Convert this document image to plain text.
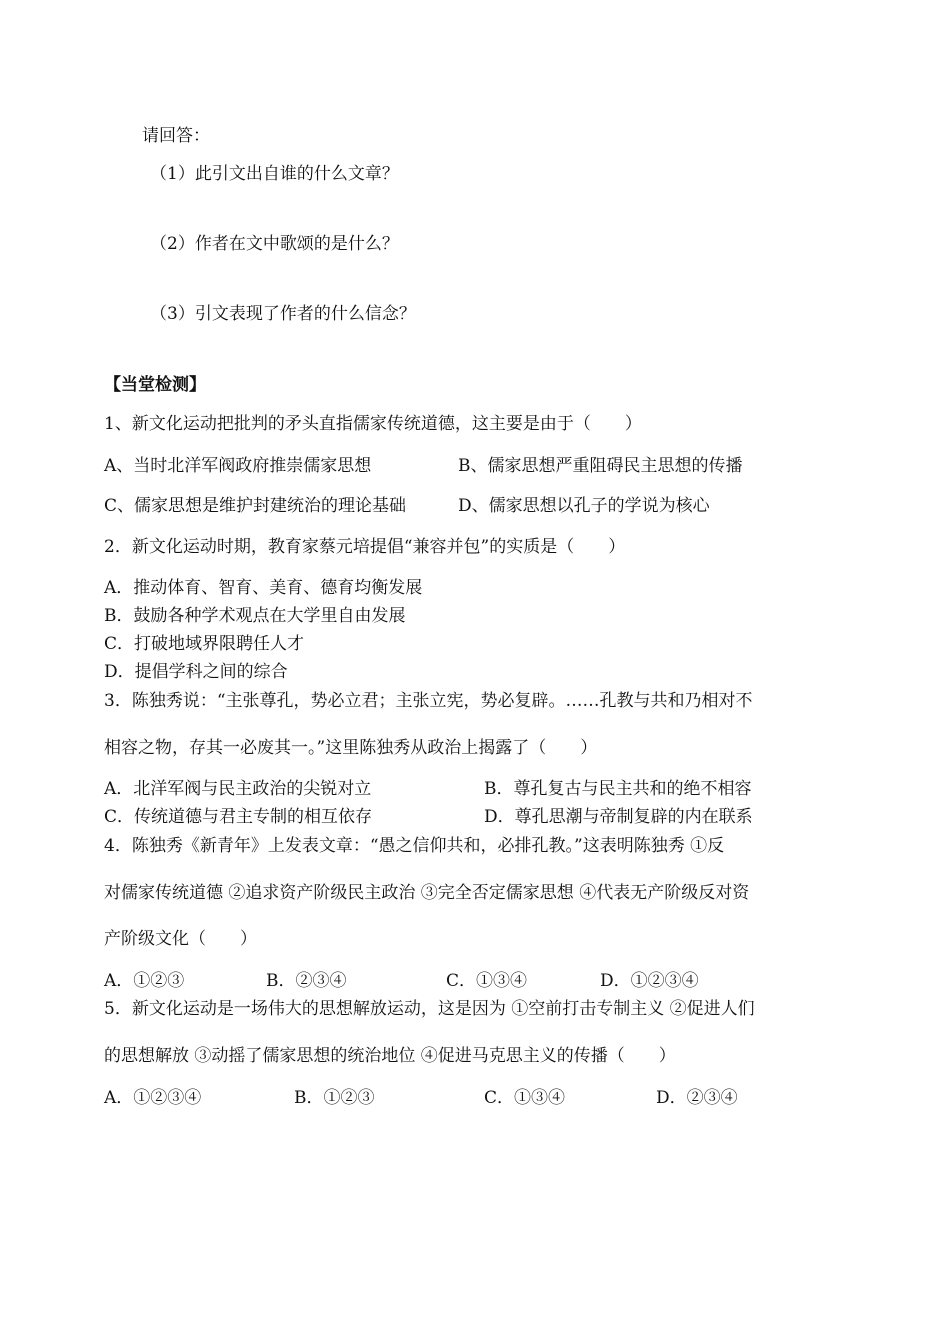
请回答：
（1）此引文出自谁的什么文章？
（2）作者在文中歌颂的是什么？
（3）引文表现了作者的什么信念？
【当堂检测】
1、新文化运动把批判的矛头直指儒家传统道德，这主要是由于（　　）
A、当时北洋军阀政府推崇儒家思想	B、儒家思想严重阻碍民主思想的传播
C、儒家思想是维护封建统治的理论基础	D、儒家思想以孔子的学说为核心
2．新文化运动时期，教育家蔡元培提倡“兼容并包”的实质是（　　）
A．推动体育、智育、美育、德育均衡发展
B．鼓励各种学术观点在大学里自由发展
C．打破地域界限聘任人才
D．提倡学科之间的综合
3．陈独秀说：“主张尊孔，势必立君；主张立宪，势必复辟。……孔教与共和乃相对不
相容之物，存其一必废其一。”这里陈独秀从政治上揭露了（　　）
A．北洋军阀与民主政治的尖锐对立	B．尊孔复古与民主共和的绝不相容
C．传统道德与君主专制的相互依存	D．尊孔思潮与帝制复辟的内在联系
4．陈独秀《新青年》上发表文章：“愚之信仰共和，必排孔教。”这表明陈独秀 ①反
对儒家传统道德 ②追求资产阶级民主政治 ③完全否定儒家思想 ④代表无产阶级反对资
产阶级文化（　　）
A．①②③	B．②③④	C．①③④	D．①②③④
5．新文化运动是一场伟大的思想解放运动，这是因为 ①空前打击专制主义 ②促进人们
的思想解放 ③动摇了儒家思想的统治地位 ④促进马克思主义的传播（　　）
A．①②③④	B．①②③	C．①③④	D．②③④
